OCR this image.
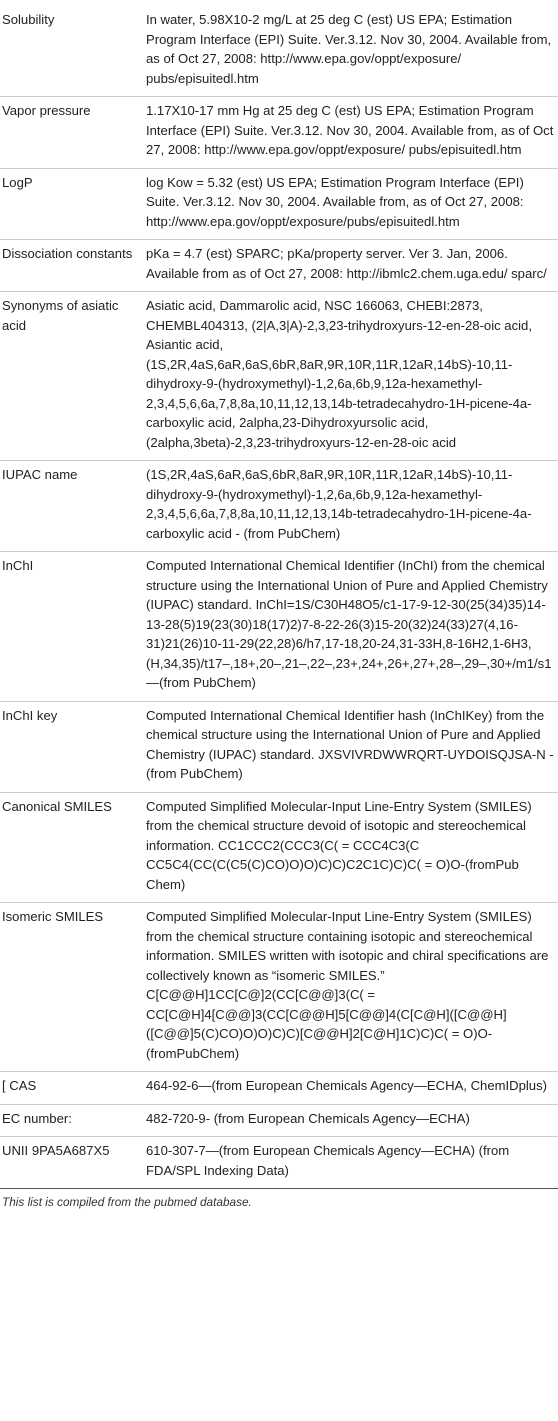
Solubility	In water, 5.98X10-2 mg/L at 25 deg C (est) US EPA; Estimation Program Interface (EPI) Suite. Ver.3.12. Nov 30, 2004. Available from, as of Oct 27, 2008: http://www.epa.gov/oppt/exposure/ pubs/episuitedl.htm
Vapor pressure	1.17X10-17 mm Hg at 25 deg C (est) US EPA; Estimation Program Interface (EPI) Suite. Ver.3.12. Nov 30, 2004. Available from, as of Oct 27, 2008: http://www.epa.gov/oppt/exposure/ pubs/episuitedl.htm
LogP	log Kow = 5.32 (est) US EPA; Estimation Program Interface (EPI) Suite. Ver.3.12. Nov 30, 2004. Available from, as of Oct 27, 2008: http://www.epa.gov/oppt/exposure/pubs/episuitedl.htm
Dissociation constants	pKa = 4.7 (est) SPARC; pKa/property server. Ver 3. Jan, 2006. Available from as of Oct 27, 2008: http://ibmlc2.chem.uga.edu/ sparc/
Synonyms of asiatic acid	Asiatic acid, Dammarolic acid, NSC 166063, CHEBI:2873, CHEMBL404313, (2|A,3|A)-2,3,23-trihydroxyurs-12-en-28-oic acid, Asiantic acid, (1S,2R,4aS,6aR,6aS,6bR,8aR,9R,10R,11R,12aR,14bS)-10,11-dihydroxy-9-(hydroxymethyl)-1,2,6a,6b,9,12a-hexamethyl-2,3,4,5,6,6a,7,8,8a,10,11,12,13,14b-tetradecahydro-1H-picene-4a-carboxylic acid, 2alpha,23-Dihydroxyursolic acid, (2alpha,3beta)-2,3,23-trihydroxyurs-12-en-28-oic acid
IUPAC name	(1S,2R,4aS,6aR,6aS,6bR,8aR,9R,10R,11R,12aR,14bS)-10,11-dihydroxy-9-(hydroxymethyl)-1,2,6a,6b,9,12a-hexamethyl-2,3,4,5,6,6a,7,8,8a,10,11,12,13,14b-tetradecahydro-1H-picene-4a-carboxylic acid - (from PubChem)
InChI	Computed International Chemical Identifier (InChI) from the chemical structure using the International Union of Pure and Applied Chemistry (IUPAC) standard. InChI=1S/C30H48O5/c1-17-9-12-30(25(34)35)14-13-28(5)19(23(30)18(17)2)7-8-22-26(3)15-20(32)24(33)27(4,16-31)21(26)10-11-29(22,28)6/h7,17-18,20-24,31-33H,8-16H2,1-6H3,(H,34,35)/t17–,18+,20–,21–,22–,23+,24+,26+,27+,28–,29–,30+/m1/s1—(from PubChem)
InChI key	Computed International Chemical Identifier hash (InChIKey) from the chemical structure using the International Union of Pure and Applied Chemistry (IUPAC) standard. JXSVIVRDWWRQRT-UYDOISQJSA-N - (from PubChem)
Canonical SMILES	Computed Simplified Molecular-Input Line-Entry System (SMILES) from the chemical structure devoid of isotopic and stereochemical information. CC1CCC2(CCC3(C( = CCC4C3(C CC5C4(CC(C(C5(C)CO)O)O)C)C)C2C1C)C)C( = O)O-(fromPub Chem)
Isomeric SMILES	Computed Simplified Molecular-Input Line-Entry System (SMILES) from the chemical structure containing isotopic and stereochemical information. SMILES written with isotopic and chiral specifications are collectively known as “isomeric SMILES.” C[C@@H]1CC[C@]2(CC[C@@]3(C( = CC[C@H]4[C@@]3(CC[C@@H]5[C@@]4(C[C@H]([C@@H]([C@@]5(C)CO)O)O)C)C)[C@@H]2[C@H]1C)C)C( = O)O-(fromPubChem)
[ CAS	464-92-6—(from European Chemicals Agency—ECHA, ChemIDplus)
EC number:	482-720-9- (from European Chemicals Agency—ECHA)
UNII 9PA5A687X5	610-307-7—(from European Chemicals Agency—ECHA) (from FDA/SPL Indexing Data)
This list is compiled from the pubmed database.
